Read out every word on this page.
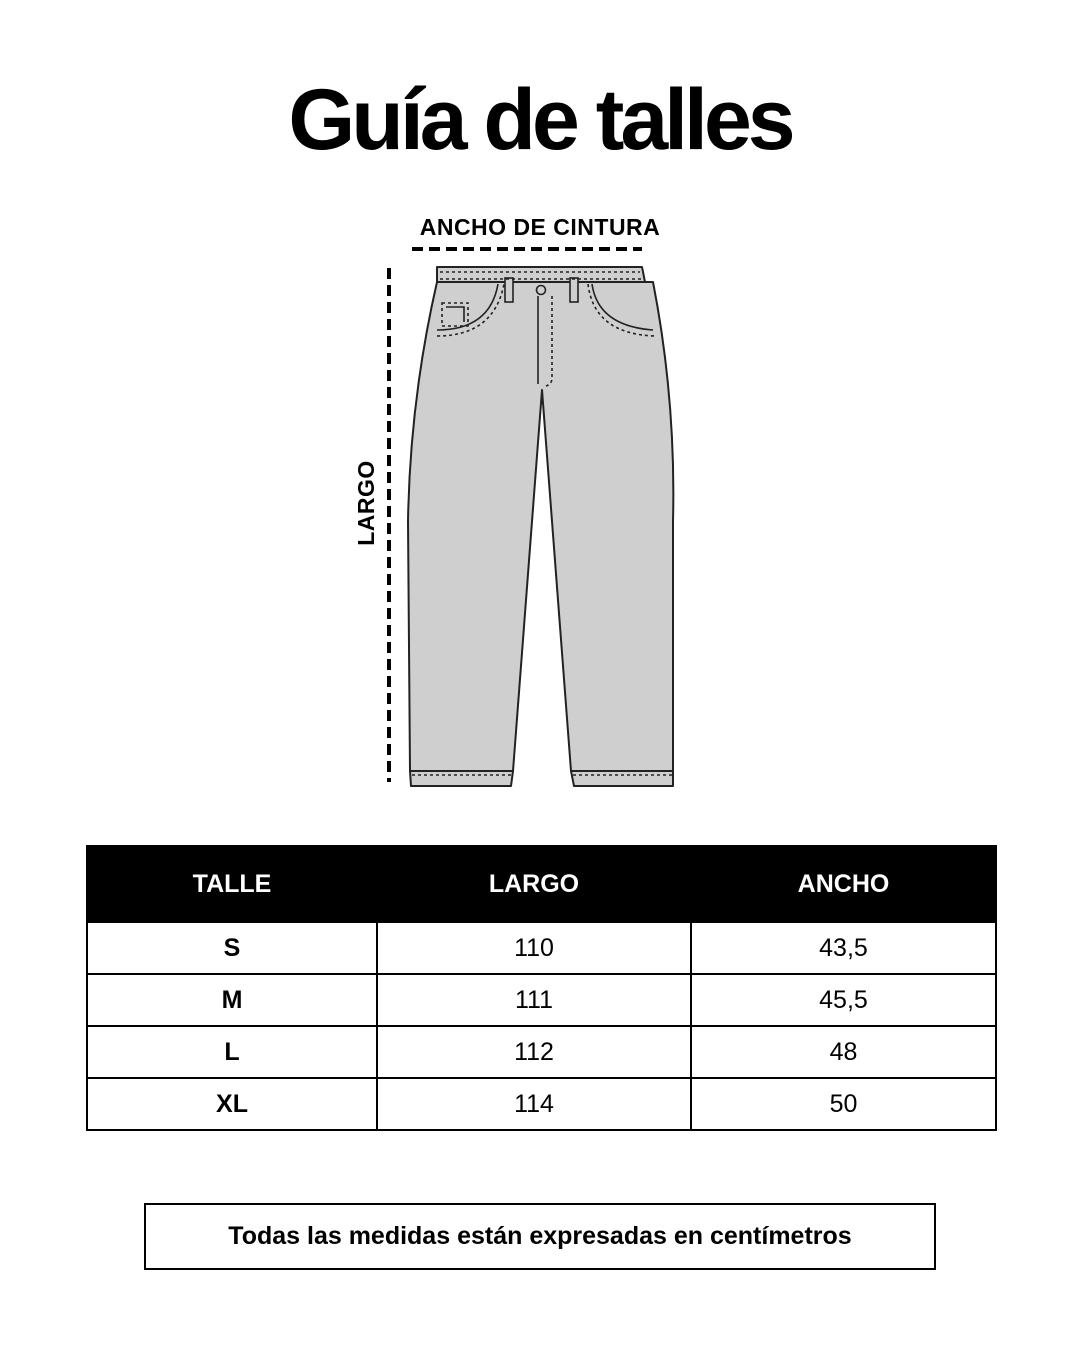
Guía de talles
ANCHO DE CINTURA
LARGO
TALLE	LARGO	ANCHO
S	110	43,5
M	111	45,5
L	112	48
XL	114	50
Todas las medidas están expresadas en centímetros
